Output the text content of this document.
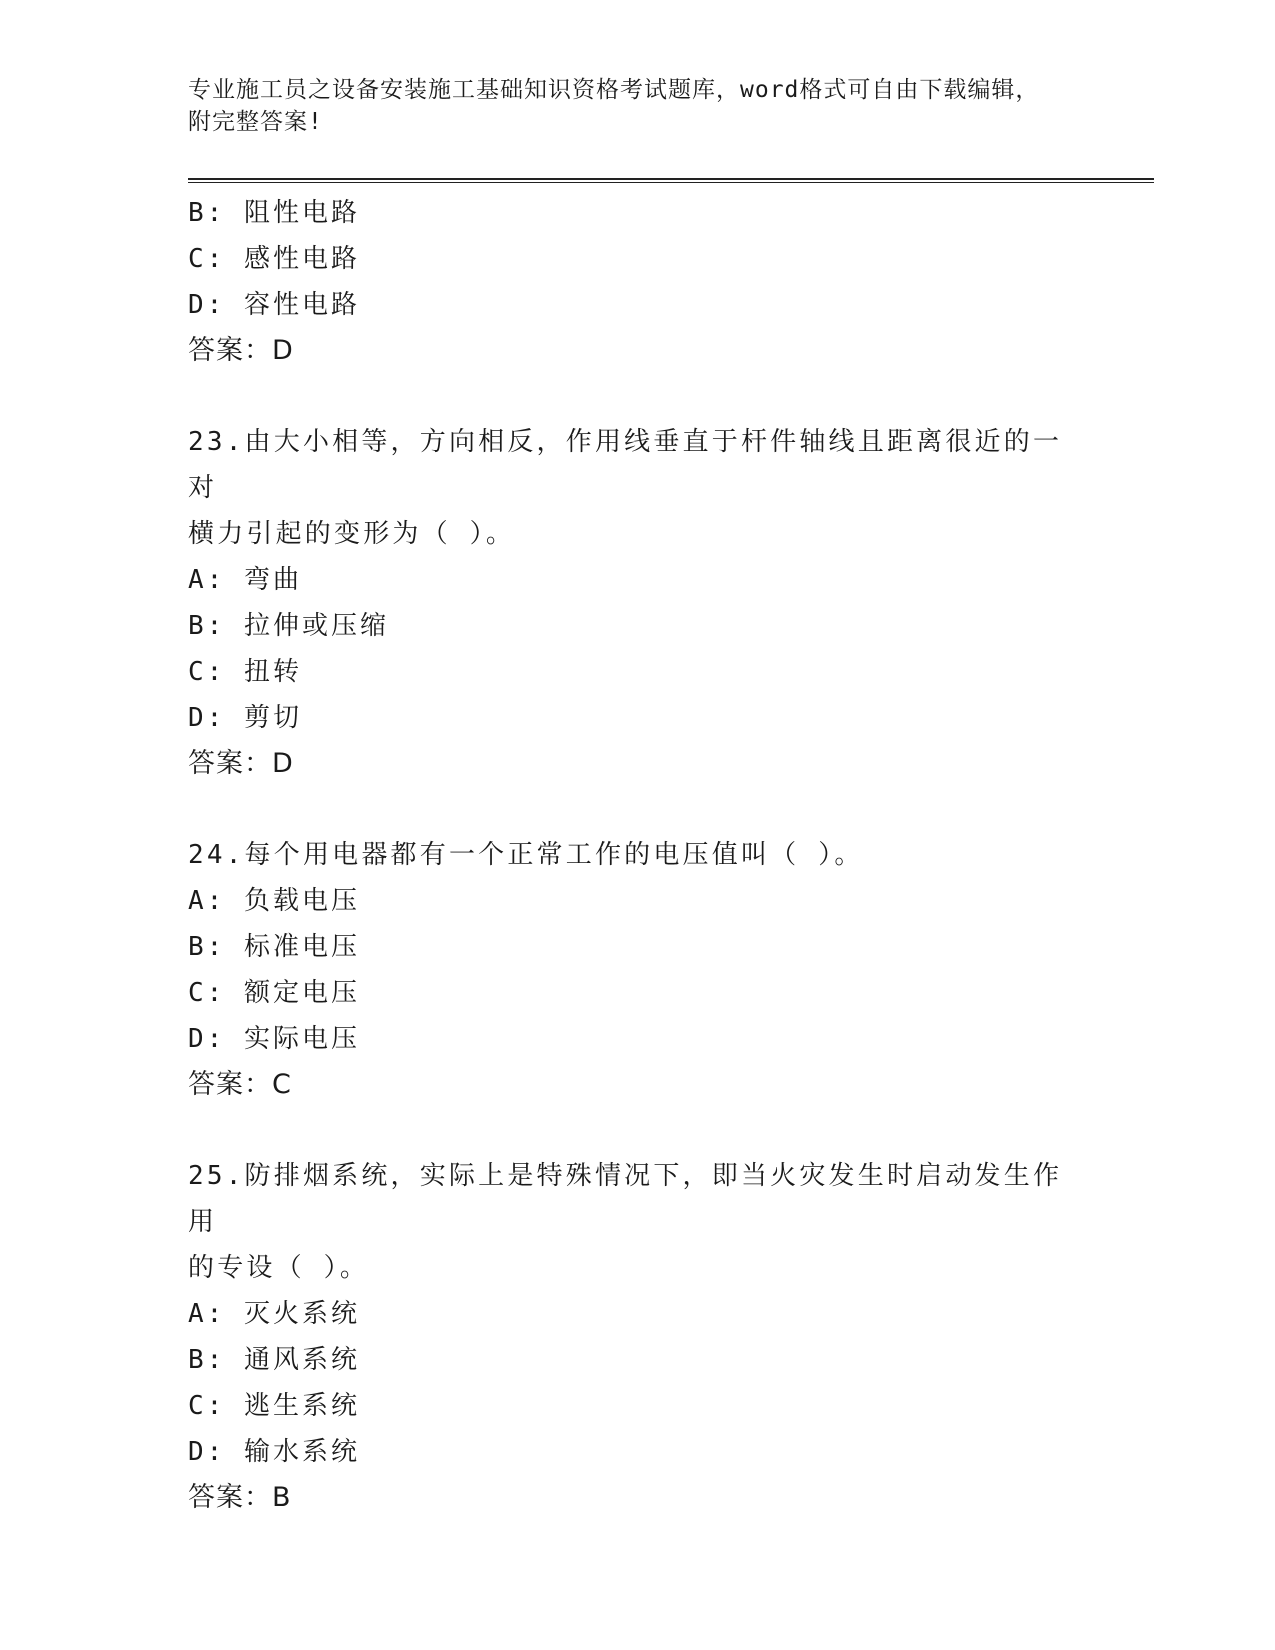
专业施工员之设备安装施工基础知识资格考试题库，word格式可自由下载编辑，
附完整答案!
B: 阻性电路
C: 感性电路
D: 容性电路
答案：D
23.由大小相等，方向相反，作用线垂直于杆件轴线且距离很近的一对
横力引起的变形为（ ）。
A: 弯曲
B: 拉伸或压缩
C: 扭转
D: 剪切
答案：D
24.每个用电器都有一个正常工作的电压值叫（ ）。
A: 负载电压
B: 标准电压
C: 额定电压
D: 实际电压
答案：C
25.防排烟系统，实际上是特殊情况下，即当火灾发生时启动发生作用
的专设（ ）。
A: 灭火系统
B: 通风系统
C: 逃生系统
D: 输水系统
答案：B
